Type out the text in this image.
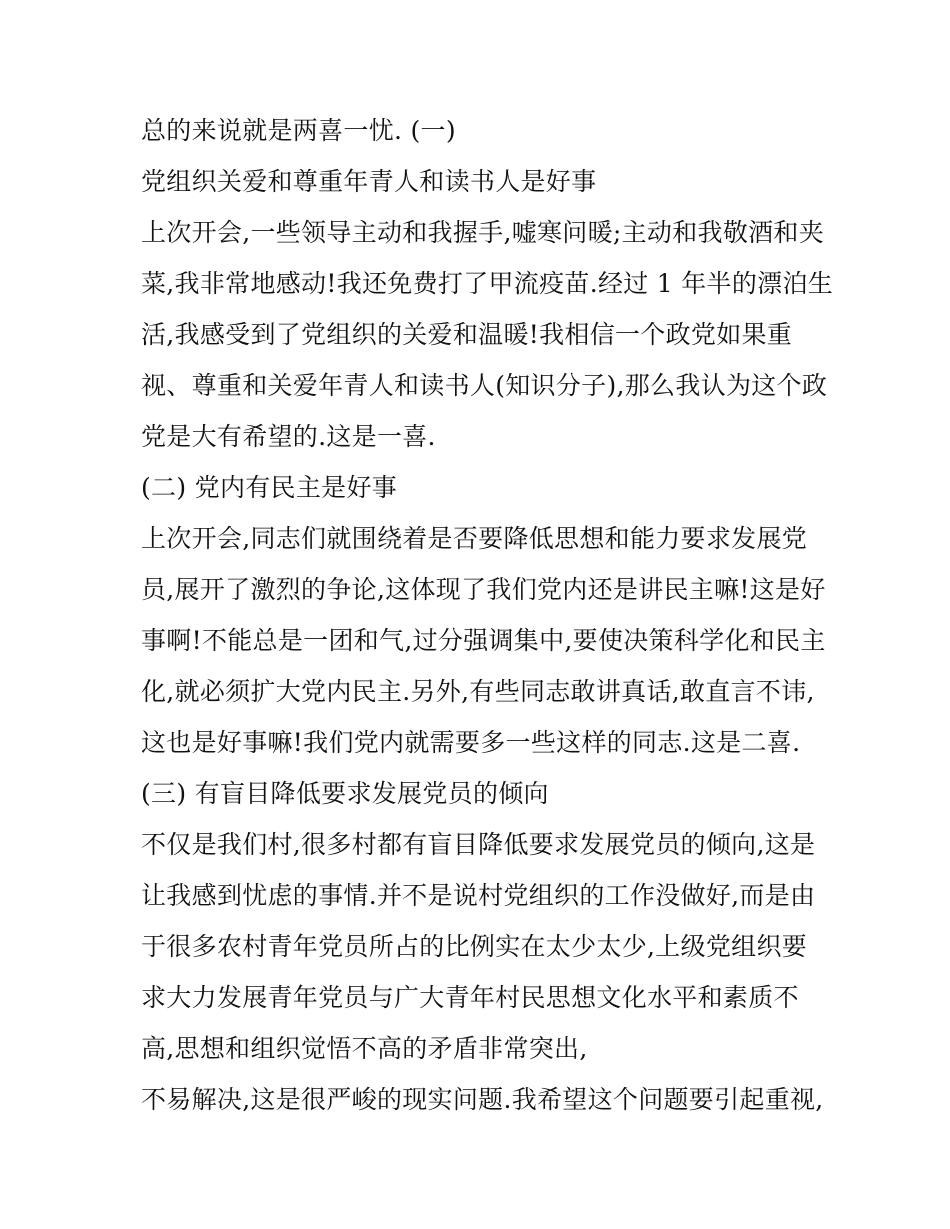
总的来说就是两喜一忧. (一)
党组织关爱和尊重年青人和读书人是好事
上次开会,一些领导主动和我握手,嘘寒问暖;主动和我敬酒和夹
菜,我非常地感动!我还免费打了甲流疫苗.经过 1 年半的漂泊生
活,我感受到了党组织的关爱和温暖!我相信一个政党如果重
视、尊重和关爱年青人和读书人(知识分子),那么我认为这个政
党是大有希望的.这是一喜.
(二) 党内有民主是好事
上次开会,同志们就围绕着是否要降低思想和能力要求发展党
员,展开了激烈的争论,这体现了我们党内还是讲民主嘛!这是好
事啊!不能总是一团和气,过分强调集中,要使决策科学化和民主
化,就必须扩大党内民主.另外,有些同志敢讲真话,敢直言不讳,
这也是好事嘛!我们党内就需要多一些这样的同志.这是二喜.
(三) 有盲目降低要求发展党员的倾向
不仅是我们村,很多村都有盲目降低要求发展党员的倾向,这是
让我感到忧虑的事情.并不是说村党组织的工作没做好,而是由
于很多农村青年党员所占的比例实在太少太少,上级党组织要
求大力发展青年党员与广大青年村民思想文化水平和素质不
高,思想和组织觉悟不高的矛盾非常突出,
不易解决,这是很严峻的现实问题.我希望这个问题要引起重视,
